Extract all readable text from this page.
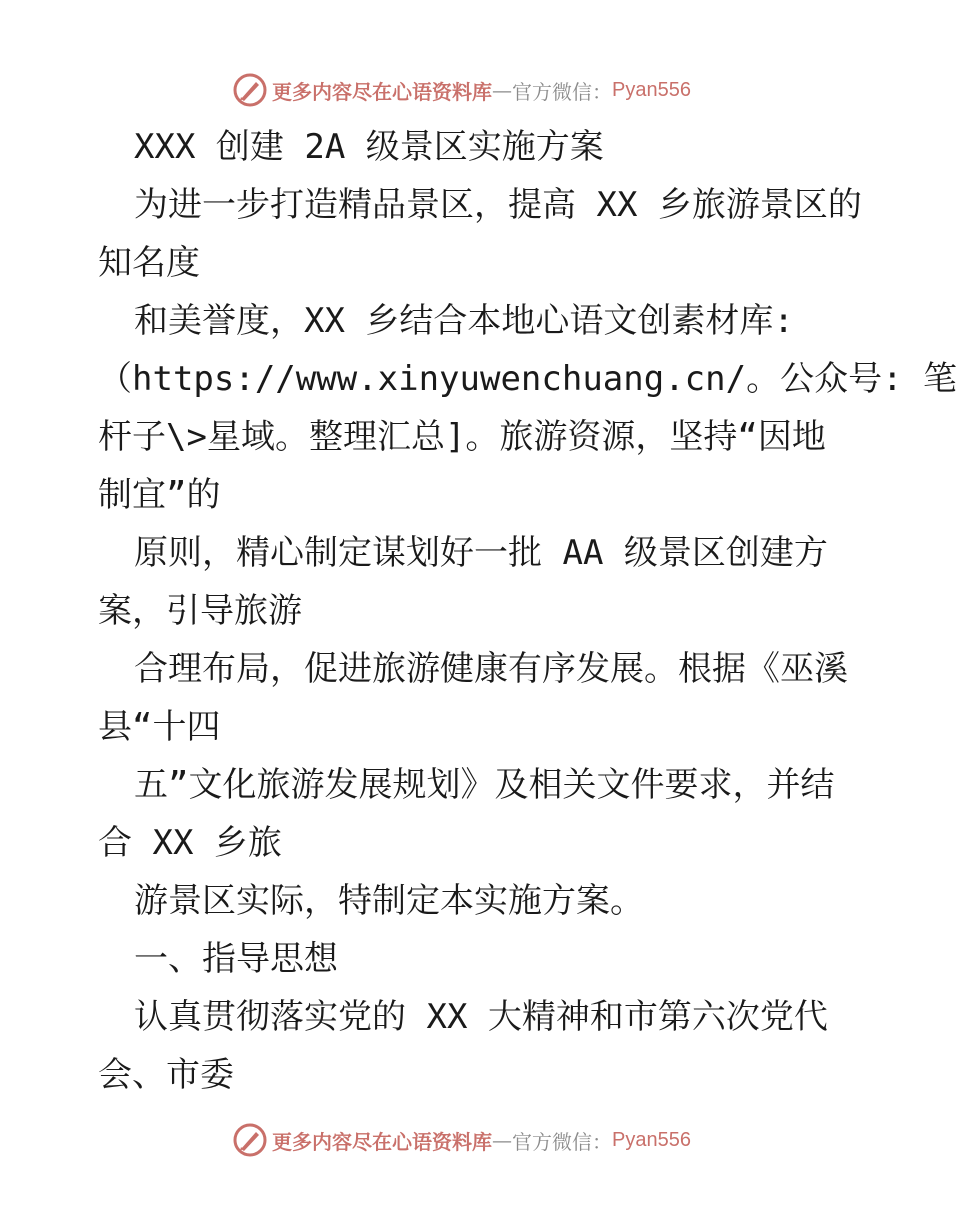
更多内容尽在心语资料库 — 官方微信： Pyan556
XXX 创建 2A 级景区实施方案
为进一步打造精品景区，提高 XX 乡旅游景区的
知名度
和美誉度，XX 乡结合本地心语文创素材库:
（https://www.xinyuwenchuang.cn/。公众号: 笔
杆子\>星域。整理汇总]。旅游资源，坚持“因地
制宜”的
原则，精心制定谋划好一批 AA 级景区创建方
案，引导旅游
合理布局，促进旅游健康有序发展。根据《巫溪
县“十四
五”文化旅游发展规划》及相关文件要求，并结
合 XX 乡旅
游景区实际，特制定本实施方案。
一、指导思想
认真贯彻落实党的 XX 大精神和市第六次党代
会、市委
更多内容尽在心语资料库 — 官方微信： Pyan556
